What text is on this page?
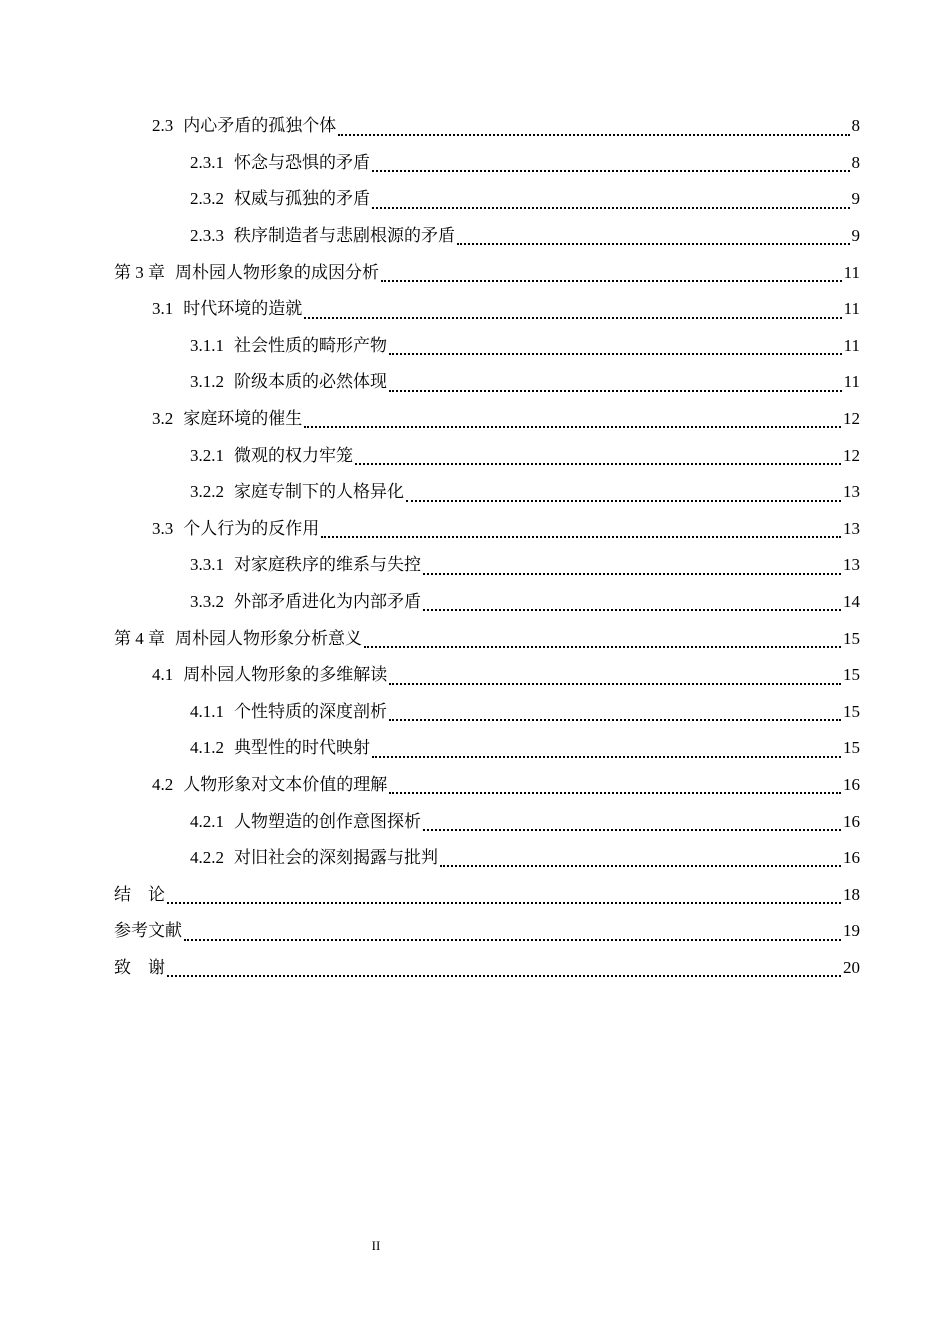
2.3 内心矛盾的孤独个体	8
2.3.1 怀念与恐惧的矛盾	8
2.3.2 权威与孤独的矛盾	9
2.3.3 秩序制造者与悲剧根源的矛盾	9
第 3 章 周朴园人物形象的成因分析	11
3.1 时代环境的造就	11
3.1.1 社会性质的畸形产物	11
3.1.2 阶级本质的必然体现	11
3.2 家庭环境的催生	12
3.2.1 微观的权力牢笼	12
3.2.2 家庭专制下的人格异化	13
3.3 个人行为的反作用	13
3.3.1 对家庭秩序的维系与失控	13
3.3.2 外部矛盾进化为内部矛盾	14
第 4 章 周朴园人物形象分析意义	15
4.1 周朴园人物形象的多维解读	15
4.1.1 个性特质的深度剖析	15
4.1.2 典型性的时代映射	15
4.2 人物形象对文本价值的理解	16
4.2.1 人物塑造的创作意图探析	16
4.2.2 对旧社会的深刻揭露与批判	16
结　论	18
参考文献	19
致　谢	20
II
